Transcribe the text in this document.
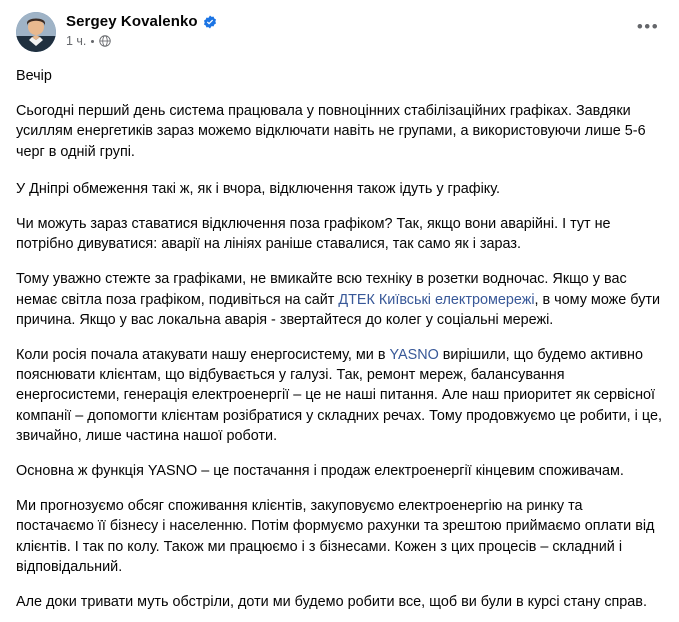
Sergey Kovalenko
1 ч.
•••

Вечір

Сьогодні перший день система працювала у повноцінних стабілізаційних графіках. Завдяки усиллям енергетиків зараз можемо відключати навіть не групами, а використовуючи лише 5-6 черг в одній групі.

У Дніпрі обмеження такі ж, як і вчора, відключення також ідуть у графіку.

Чи можуть зараз ставатися відключення поза графіком? Так, якщо вони аварійні. І тут не потрібно дивуватися: аварії на лініях раніше ставалися, так само як і зараз.

Тому уважно стежте за графіками, не вмикайте всю техніку в розетки водночас. Якщо у вас немає світла поза графіком, подивіться на сайт ДТЕК Київські електромережі, в чому може бути причина. Якщо у вас локальна аварія - звертайтеся до колег у соціальні мережі.

Коли росія почала атакувати нашу енергосистему, ми в YASNO вирішили, що будемо активно пояснювати клієнтам, що відбувається у галузі. Так, ремонт мереж, балансування енергосистеми, генерація електроенергії – це не наші питання. Але наш приоритет як сервісної компанії – допомогти клієнтам розібратися у складних речах. Тому продовжуємо це робити, і це, звичайно, лише частина нашої роботи.

Основна ж функція YASNO – це постачання і продаж електроенергії кінцевим споживачам.

Ми прогнозуємо обсяг споживання клієнтів, закуповуємо електроенергію на ринку та постачаємо її бізнесу і населенню. Потім формуємо рахунки та зрештою приймаємо оплати від клієнтів. І так по колу. Також ми працюємо і з бізнесами. Кожен з цих процесів – складний і відповідальний.

Але доки тривати муть обстріли, доти ми будемо робити все, щоб ви були в курсі стану справ.
